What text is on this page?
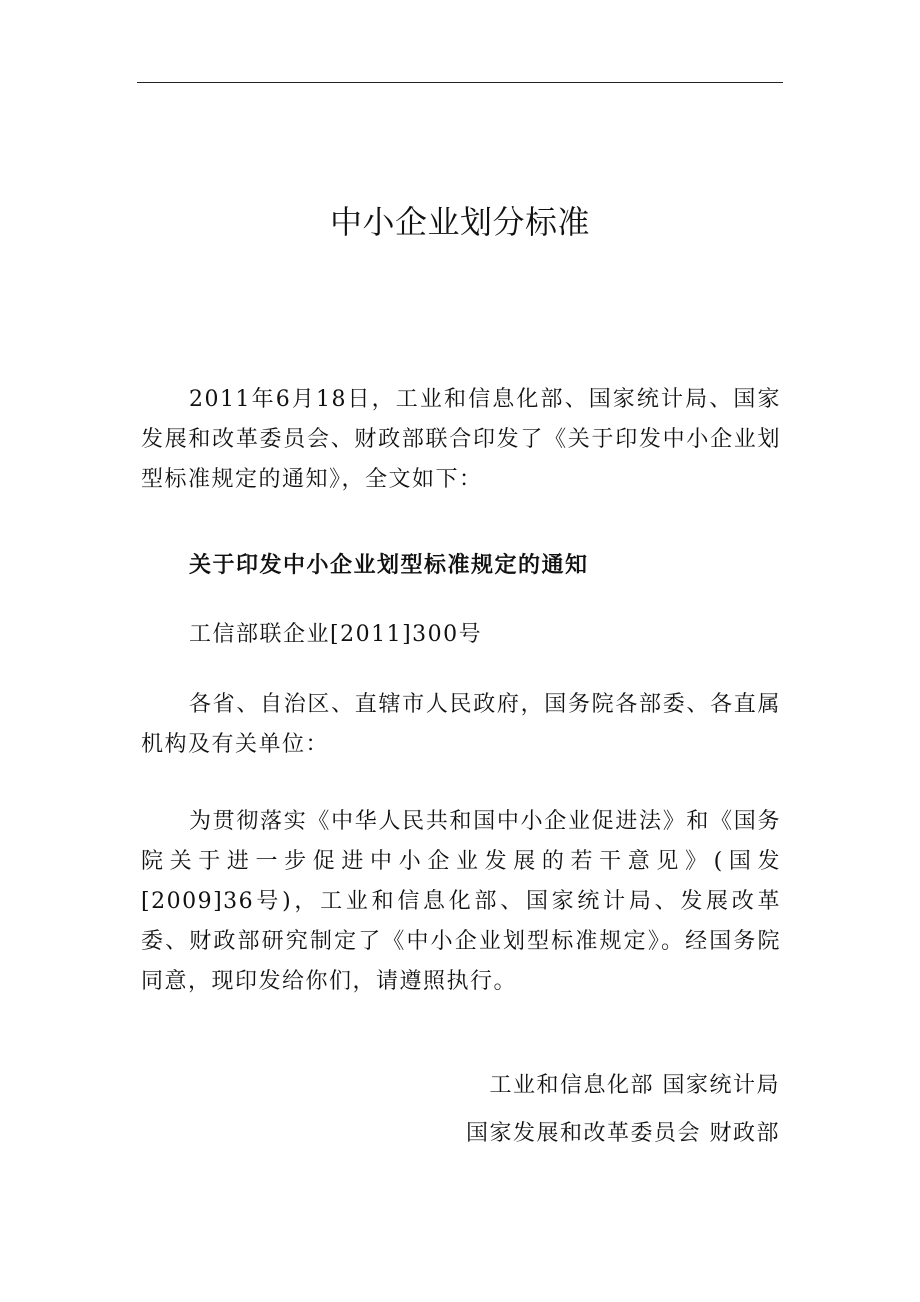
中小企业划分标准
2011年6月18日，工业和信息化部、国家统计局、国家发展和改革委员会、财政部联合印发了《关于印发中小企业划型标准规定的通知》，全文如下：
关于印发中小企业划型标准规定的通知
工信部联企业[2011]300号
各省、自治区、直辖市人民政府，国务院各部委、各直属机构及有关单位：
为贯彻落实《中华人民共和国中小企业促进法》和《国务院关于进一步促进中小企业发展的若干意见》(国发[2009]36号)，工业和信息化部、国家统计局、发展改革委、财政部研究制定了《中小企业划型标准规定》。经国务院同意，现印发给你们，请遵照执行。
工业和信息化部 国家统计局
国家发展和改革委员会 财政部
